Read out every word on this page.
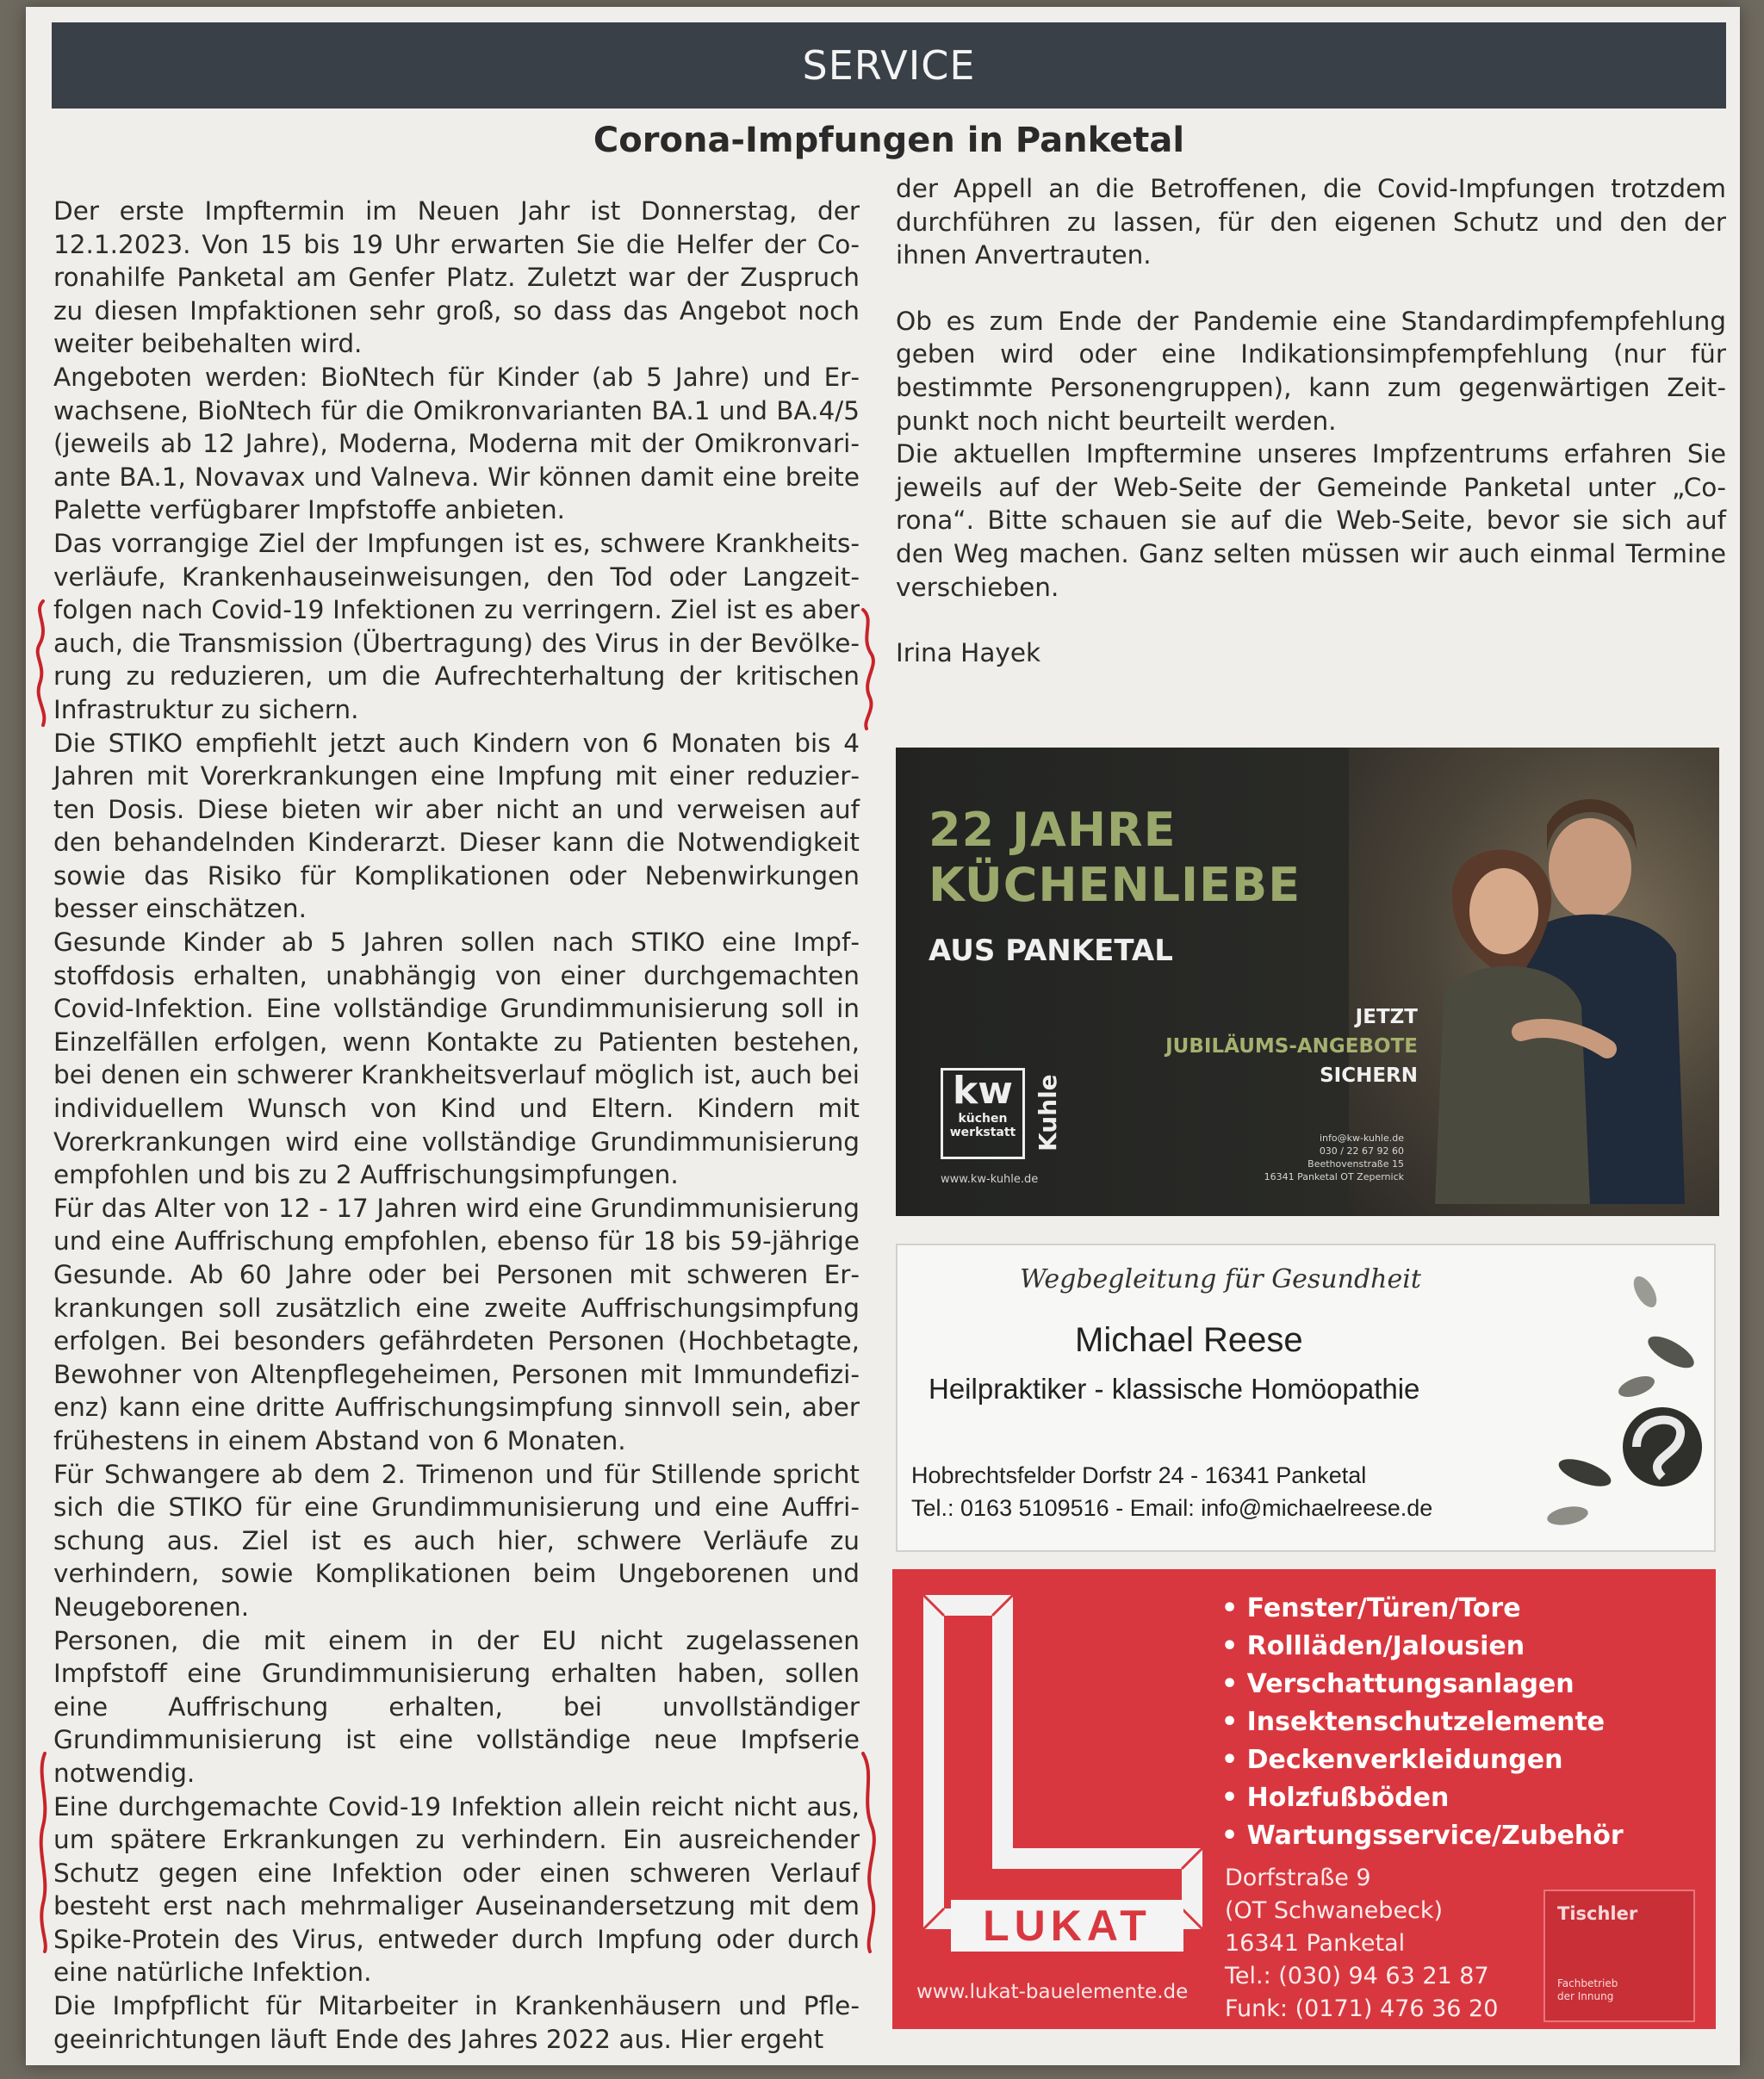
SERVICE
Corona-Impfungen in Panketal

Der erste Impftermin im Neuen Jahr ist Donnerstag, der 12.1.2023. Von 15 bis 19 Uhr erwarten Sie die Helfer der Coronahilfe Panketal am Genfer Platz. Zuletzt war der Zuspruch zu diesen Impfaktionen sehr groß, so dass das Angebot noch weiter beibehalten wird.

Angeboten werden: BioNtech für Kinder (ab 5 Jahre) und Erwachsene, BioNtech für die Omikronvarianten BA.1 und BA.4/5 (jeweils ab 12 Jahre), Moderna, Moderna mit der Omikronvariante BA.1, Novavax und Valneva. Wir können damit eine breite Palette verfügbarer Impfstoffe anbieten.

Das vorrangige Ziel der Impfungen ist es, schwere Krankheitsverläufe, Krankenhauseinweisungen, den Tod oder Langzeitfolgen nach Covid-19 Infektionen zu verringern. Ziel ist es aber auch, die Transmission (Übertragung) des Virus in der Bevölkerung zu reduzieren, um die Aufrechterhaltung der kritischen Infrastruktur zu sichern.

Die STIKO empfiehlt jetzt auch Kindern von 6 Monaten bis 4 Jahren mit Vorerkrankungen eine Impfung mit einer reduzierten Dosis. Diese bieten wir aber nicht an und verweisen auf den behandelnden Kinderarzt. Dieser kann die Notwendigkeit sowie das Risiko für Komplikationen oder Nebenwirkungen besser einschätzen.

Gesunde Kinder ab 5 Jahren sollen nach STIKO eine Impfstoffdosis erhalten, unabhängig von einer durchgemachten Covid-Infektion. Eine vollständige Grundimmunisierung soll in Einzelfällen erfolgen, wenn Kontakte zu Patienten bestehen, bei denen ein schwerer Krankheitsverlauf möglich ist, auch bei individuellem Wunsch von Kind und Eltern. Kindern mit Vorerkrankungen wird eine vollständige Grundimmunisierung empfohlen und bis zu 2 Auffrischungsimpfungen.

Für das Alter von 12 - 17 Jahren wird eine Grundimmunisierung und eine Auffrischung empfohlen, ebenso für 18 bis 59-jährige Gesunde. Ab 60 Jahre oder bei Personen mit schweren Erkrankungen soll zusätzlich eine zweite Auffrischungsimpfung erfolgen. Bei besonders gefährdeten Personen (Hochbetagte, Bewohner von Altenpflegeheimen, Personen mit Immundefizienz) kann eine dritte Auffrischungsimpfung sinnvoll sein, aber frühestens in einem Abstand von 6 Monaten.

Für Schwangere ab dem 2. Trimenon und für Stillende spricht sich die STIKO für eine Grundimmunisierung und eine Auffrischung aus. Ziel ist es auch hier, schwere Verläufe zu verhindern, sowie Komplikationen beim Ungeborenen und Neugeborenen.

Personen, die mit einem in der EU nicht zugelassenen Impfstoff eine Grundimmunisierung erhalten haben, sollen eine Auffrischung erhalten, bei unvollständiger Grundimmunisierung ist eine vollständige neue Impfserie notwendig.

Eine durchgemachte Covid-19 Infektion allein reicht nicht aus, um spätere Erkrankungen zu verhindern. Ein ausreichender Schutz gegen eine Infektion oder einen schweren Verlauf besteht erst nach mehrmaliger Auseinandersetzung mit dem Spike-Protein des Virus, entweder durch Impfung oder durch eine natürliche Infektion.

Die Impfpflicht für Mitarbeiter in Krankenhäusern und Pflegeeinrichtungen läuft Ende des Jahres 2022 aus. Hier ergeht

der Appell an die Betroffenen, die Covid-Impfungen trotzdem durchführen zu lassen, für den eigenen Schutz und den der ihnen Anvertrauten.

Ob es zum Ende der Pandemie eine Standardimpfempfehlung geben wird oder eine Indikationsimpfempfehlung (nur für bestimmte Personengruppen), kann zum gegenwärtigen Zeitpunkt noch nicht beurteilt werden.

Die aktuellen Impftermine unseres Impfzentrums erfahren Sie jeweils auf der Web-Seite der Gemeinde Panketal unter „Corona“. Bitte schauen sie auf die Web-Seite, bevor sie sich auf den Weg machen. Ganz selten müssen wir auch einmal Termine verschieben.

Irina Hayek

22 JAHRE
KÜCHENLIEBE
AUS PANKETAL
JETZT
JUBILÄUMS-ANGEBOTE
SICHERN
kw
küchen
werkstatt Kuhle
www.kw-kuhle.de
info@kw-kuhle.de
030 / 22 67 92 60
Beethovenstraße 15
16341 Panketal OT Zepernick
Wegbegleitung für Gesundheit
Michael Reese
Heilpraktiker - klassische Homöopathie
Hobrechtsfelder Dorfstr 24 - 16341 Panketal
Tel.: 0163 5109516 - Email: info@michaelreese.de
LUKAT
www.lukat-bauelemente.de
• Fenster/Türen/Tore
• Rollläden/Jalousien
• Verschattungsanlagen
• Insektenschutzelemente
• Deckenverkleidungen
• Holzfußböden
• Wartungsservice/Zubehör
Dorfstraße 9
(OT Schwanebeck)
16341 Panketal
Tel.: (030) 94 63 21 87
Funk: (0171) 476 36 20
Tischler
Fachbetrieb
der Innung
